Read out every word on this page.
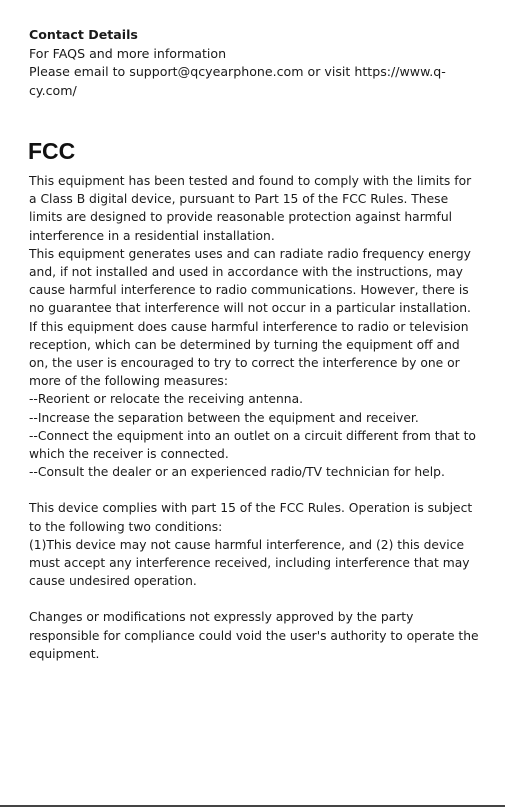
Contact Details

For FAQS and more information

Please email to support@qcyearphone.com or visit https://www.q-cy.com/

FCC

This equipment has been tested and found to comply with the limits for a Class B digital device, pursuant to Part 15 of the FCC Rules. These limits are designed to provide reasonable protection against harmful interference in a residential installation.

This equipment generates uses and can radiate radio frequency energy and, if not installed and used in accordance with the instructions, may cause harmful interference to radio communications. However, there is no guarantee that interference will not occur in a particular installation. If this equipment does cause harmful interference to radio or television reception, which can be determined by turning the equipment off and on, the user is encouraged to try to correct the interference by one or more of the following measures:

--Reorient or relocate the receiving antenna.

--Increase the separation between the equipment and receiver.

--Connect the equipment into an outlet on a circuit different from that to which the receiver is connected.

--Consult the dealer or an experienced radio/TV technician for help.

This device complies with part 15 of the FCC Rules. Operation is subject to the following two conditions:

(1)This device may not cause harmful interference, and (2) this device must accept any interference received, including interference that may cause undesired operation.

Changes or modifications not expressly approved by the party responsible for compliance could void the user's authority to operate the equipment.
